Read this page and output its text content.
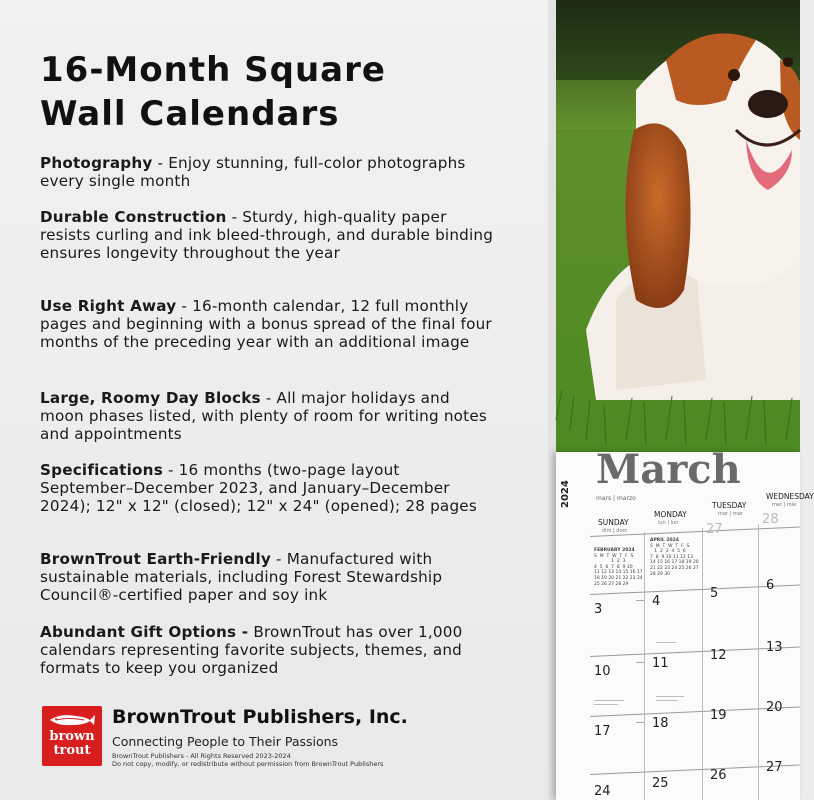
16-Month Square
Wall Calendars

Photography - Enjoy stunning, full-color photographs every single month

Durable Construction - Sturdy, high-quality paper resists curling and ink bleed-through, and durable binding ensures longevity throughout the year

Use Right Away - 16-month calendar, 12 full monthly pages and beginning with a bonus spread of the final four months of the preceding year with an additional image

Large, Roomy Day Blocks - All major holidays and moon phases listed, with plenty of room for writing notes and appointments

Specifications - 16 months (two-page layout September–December 2023, and January–December 2024); 12" x 12" (closed); 12" x 24" (opened); 28 pages

BrownTrout Earth-Friendly - Manufactured with sustainable materials, including Forest Stewardship Council®-certified paper and soy ink

Abundant Gift Options - BrownTrout has over 1,000 calendars representing favorite subjects, themes, and formats to keep you organized

brown
trout
BrownTrout Publishers, Inc.
Connecting People to Their Passions
BrownTrout Publishers - All Rights Reserved 2023-2024
Do not copy, modify, or redistribute without permission from BrownTrout Publishers
2024
March
mars | marzo
SUNDAY
dim | dom
MONDAY
lun | lun
TUESDAY
mar | mar
WEDNESDAY
mer | mié
FEBRUARY 2024
S  M  T  W  T  F  S
1  2  3
4  5  6  7  8  9 10
11 12 13 14 15 16 17
18 19 20 21 22 23 24
25 26 27 28 29
APRIL 2024
S  M  T  W  T  F  S
1  2  3  4  5  6
7  8  9 10 11 12 13
14 15 16 17 18 19 20
21 22 23 24 25 26 27
28 29 30
27
28
3
4
5
6
10
11
12
13
17
18
19
20
24
25
26
27
